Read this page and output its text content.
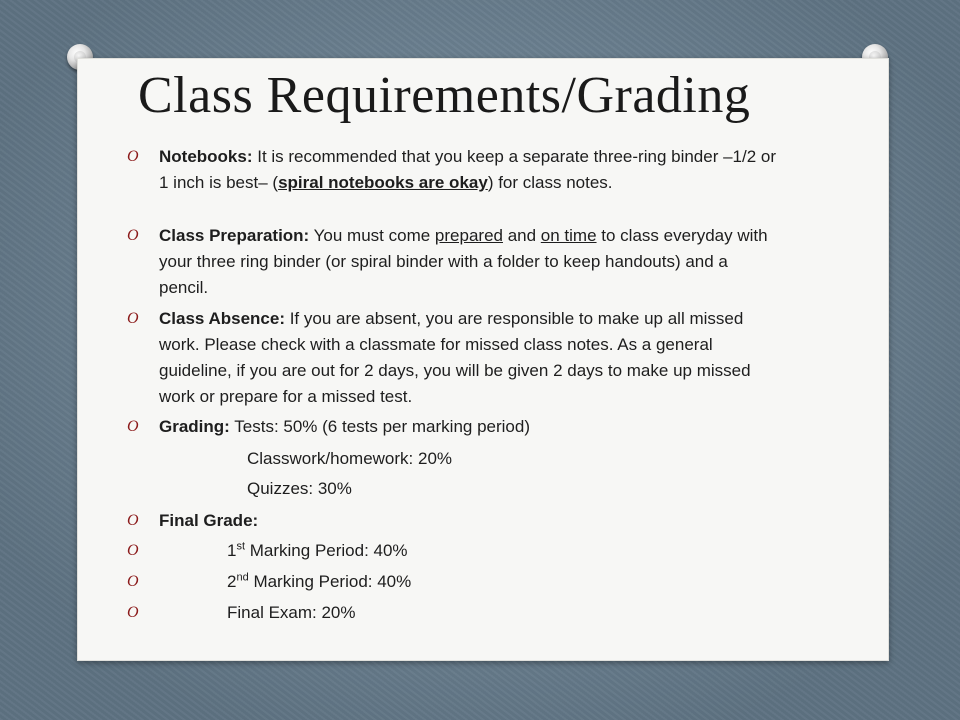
Class Requirements/Grading
O Notebooks: It is recommended that you keep a separate three-ring binder –1/2 or 1 inch is best– (spiral notebooks are okay) for class notes.
O Class Preparation: You must come prepared and on time to class everyday with your three ring binder (or spiral binder with a folder to keep handouts) and a pencil.
O Class Absence: If you are absent, you are responsible to make up all missed work. Please check with a classmate for missed class notes. As a general guideline, if you are out for 2 days, you will be given 2 days to make up missed work or prepare for a missed test.
O Grading: Tests: 50% (6 tests per marking period)
Classwork/homework: 20%
Quizzes: 30%
O Final Grade:
O	1st Marking Period: 40%
O	2nd Marking Period: 40%
O	Final Exam: 20%
